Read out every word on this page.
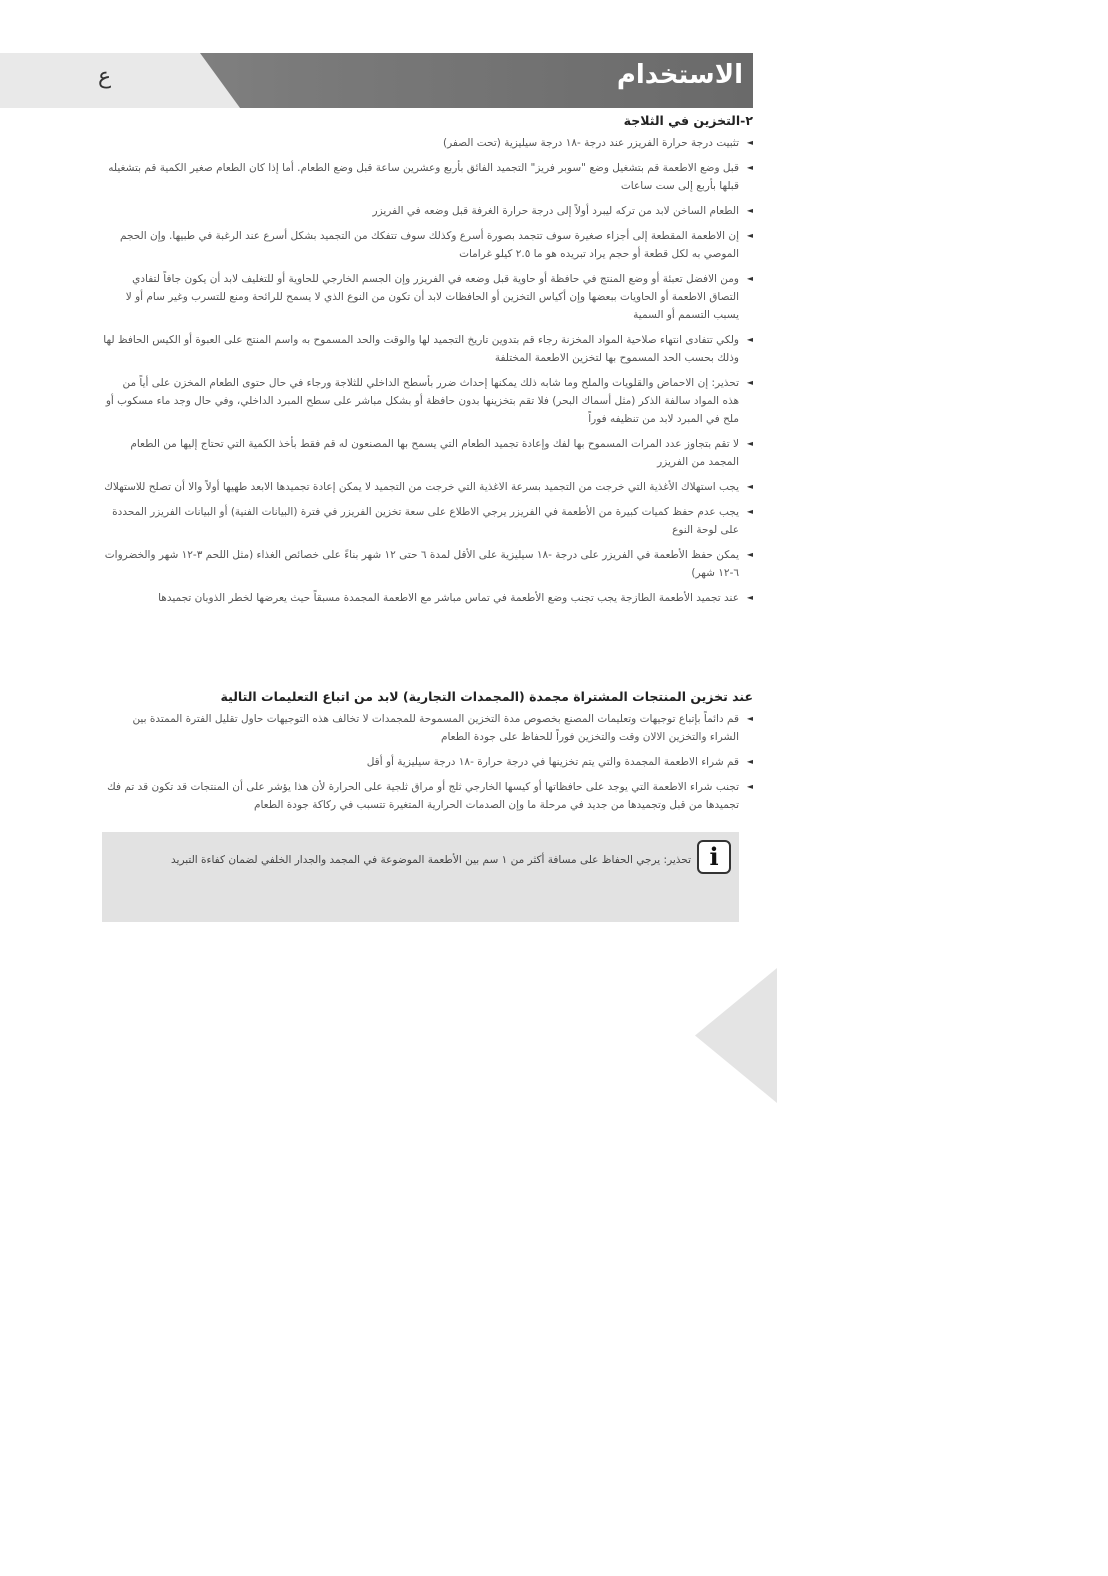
الاستخدام
ع
٢-التخزين في الثلاجة
◄ تثبيت درجة حرارة الفريزر عند درجة -١٨ درجة سيليزية (تحت الصفر)
◄ قبل وضع الاطعمة قم بتشغيل وضع "سوبر فريز" التجميد الفائق بأربع وعشرين ساعة قبل وضع الطعام. أما إذا كان الطعام صغير الكمية قم بتشغيله قبلها بأربع إلى ست ساعات
◄ الطعام الساخن لابد من تركه ليبرد أولاً إلى درجة حرارة الغرفة قبل وضعه في الفريزر
◄ إن الاطعمة المقطعة إلى أجزاء صغيرة سوف تتجمد بصورة أسرع وكذلك سوف تتفكك من التجميد بشكل أسرع عند الرغبة في طبيها. وإن الحجم الموصي به لكل قطعة أو حجم يراد تبريده هو ما ٢.٥ كيلو غرامات
◄ ومن الافضل تعبئة أو وضع المنتج في حافظة أو حاوية قبل وضعه في الفريزر وإن الجسم الخارجي للحاوية أو للتغليف لابد أن يكون جافاً لتفادي التصاق الاطعمة أو الحاويات ببعضها وإن أكياس التخزين أو الحافظات لابد أن تكون من النوع الذي لا يسمح للرائحة ومنع للتسرب وغير سام أو لا يسبب التسمم أو السمية
◄ ولكي تتفادى انتهاء صلاحية المواد المخزنة رجاء قم بتدوين تاريخ التجميد لها والوقت والحد المسموح به واسم المنتج على العبوة أو الكيس الحافظ لها وذلك بحسب الحد المسموح بها لتخزين الاطعمة المختلفة
◄ تحذير: إن الاحماض والقلويات والملح وما شابه ذلك يمكنها إحداث ضرر بأسطح الداخلي للثلاجة ورجاء في حال حتوى الطعام المخزن على أياً من هذه المواد سالفة الذكر (مثل أسماك البحر) فلا تقم بتخزينها بدون حافظة أو بشكل مباشر على سطح المبرد الداخلي، وفي حال وجد ماء مسكوب أو ملح في المبرد لابد من تنظيفه فوراً
◄ لا تقم بتجاوز عدد المرات المسموح بها لفك وإعادة تجميد الطعام التي يسمح بها المصنعون له قم فقط بأخذ الكمية التي تحتاج إليها من الطعام المجمد من الفريزر
◄ يجب استهلاك الأغذية التي خرجت من التجميد بسرعة الاغذية التي خرجت من التجميد لا يمكن إعادة تجميدها الابعد طهيها أولاً والا أن تصلح للاستهلاك
◄ يجب عدم حفظ كميات كبيرة من الأطعمة في الفريزر يرجي الاطلاع على سعة تخزين الفريزر في فترة (البيانات الفنية) أو البيانات الفريزر المحددة على لوحة النوع
◄ يمكن حفظ الأطعمة في الفريزر على درجة -١٨ سيليزية على الأقل لمدة ٦ حتى ١٢ شهر بناءً على خصائص الغذاء (مثل اللحم ٣-١٢ شهر والخضروات ٦-١٢ شهر)
◄ عند تجميد الأطعمة الطازجة يجب تجنب وضع الأطعمة في تماس مباشر مع الاطعمة المجمدة مسبقاً حيث يعرضها لخطر الذوبان تجميدها
عند تخزين المنتجات المشتراة مجمدة (المجمدات التجارية) لابد من اتباع التعليمات التالية
◄ قم دائماً بإتباع توجيهات وتعليمات المصنع بخصوص مدة التخزين المسموحة للمجمدات لا تخالف هذه التوجيهات حاول تقليل الفترة الممتدة بين الشراء والتخزين الالان وقت والتخزين فوراً للحفاظ على جودة الطعام
◄ قم شراء الاطعمة المجمدة والتي يتم تخزينها في درجة حرارة -١٨ درجة سيليزية أو أقل
◄ تجنب شراء الاطعمة التي يوجد على حافظاتها أو كيسها الخارجي ثلج أو مراق ثلجية على الحرارة لأن هذا يؤشر على أن المنتجات قد تكون قد تم فك تجميدها من قبل وتجميدها من جديد في مرحلة ما وإن الصدمات الحرارية المتغيرة تتسبب في ركاكة جودة الطعام
i
تحذير: يرجي الحفاظ على مسافة أكثر من ١ سم بين الأطعمة الموضوعة في المجمد والجدار الخلفي لضمان كفاءة التبريد
